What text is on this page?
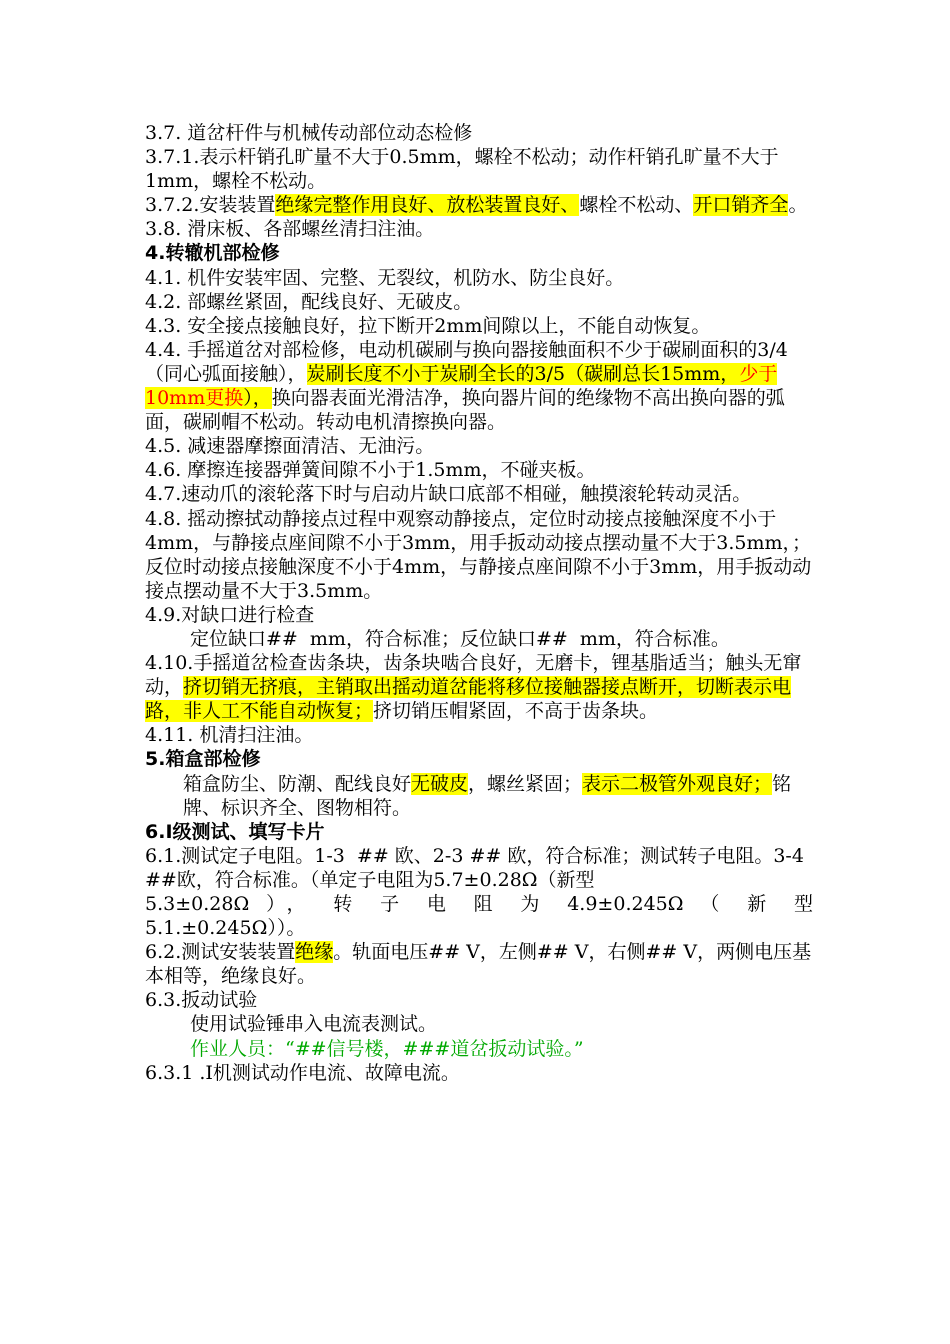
3.7. 道岔杆件与机械传动部位动态检修

3.7.1.表示杆销孔旷量不大于0.5mm，螺栓不松动；动作杆销孔旷量不大于1mm，螺栓不松动。

3.7.2.安装装置绝缘完整作用良好、放松装置良好、螺栓不松动、开口销齐全。

3.8. 滑床板、各部螺丝清扫注油。

4.转辙机部检修

4.1. 机件安装牢固、完整、无裂纹，机防水、防尘良好。

4.2. 部螺丝紧固，配线良好、无破皮。

4.3. 安全接点接触良好，拉下断开2mm间隙以上，不能自动恢复。

4.4. 手摇道岔对部检修，电动机碳刷与换向器接触面积不少于碳刷面积的3/4（同心弧面接触），炭刷长度不小于炭刷全长的3/5（碳刷总长15mm，少于10mm更换），换向器表面光滑洁净，换向器片间的绝缘物不高出换向器的弧面，碳刷帽不松动。转动电机清擦换向器。

4.5. 减速器摩擦面清洁、无油污。

4.6. 摩擦连接器弹簧间隙不小于1.5mm，不碰夹板。

4.7.速动爪的滚轮落下时与启动片缺口底部不相碰，触摸滚轮转动灵活。

4.8. 摇动擦拭动静接点过程中观察动静接点，定位时动接点接触深度不小于4mm，与静接点座间隙不小于3mm，用手扳动动接点摆动量不大于3.5mm，；反位时动接点接触深度不小于4mm，与静接点座间隙不小于3mm，用手扳动动接点摆动量不大于3.5mm。

4.9.对缺口进行检查

定位缺口##  mm，符合标准；反位缺口##  mm，符合标准。

4.10.手摇道岔检查齿条块，齿条块啮合良好，无磨卡，锂基脂适当；触头无窜动，挤切销无挤痕，主销取出摇动道岔能将移位接触器接点断开，切断表示电路，非人工不能自动恢复；挤切销压帽紧固，不高于齿条块。

4.11. 机清扫注油。

5.箱盒部检修

箱盒防尘、防潮、配线良好无破皮，螺丝紧固；表示二极管外观良好；铭牌、标识齐全、图物相符。

6.Ⅰ级测试、填写卡片

6.1.测试定子电阻。1-3  ## 欧、2-3 ## 欧，符合标准；测试转子电阻。3-4  ##欧，符合标准。（单定子电阻为5.7±0.28Ω（新型

5.3±0.28Ω ）， 转 子 电 阻 为 4.9±0.245Ω （ 新 型

5.1.±0.245Ω））。

6.2.测试安装装置绝缘。轨面电压## V，左侧## V，右侧## V，两侧电压基本相等，绝缘良好。

6.3.扳动试验

使用试验锤串入电流表测试。

作业人员：“##信号楼，###道岔扳动试验。”

6.3.1 .Ⅰ机测试动作电流、故障电流。
